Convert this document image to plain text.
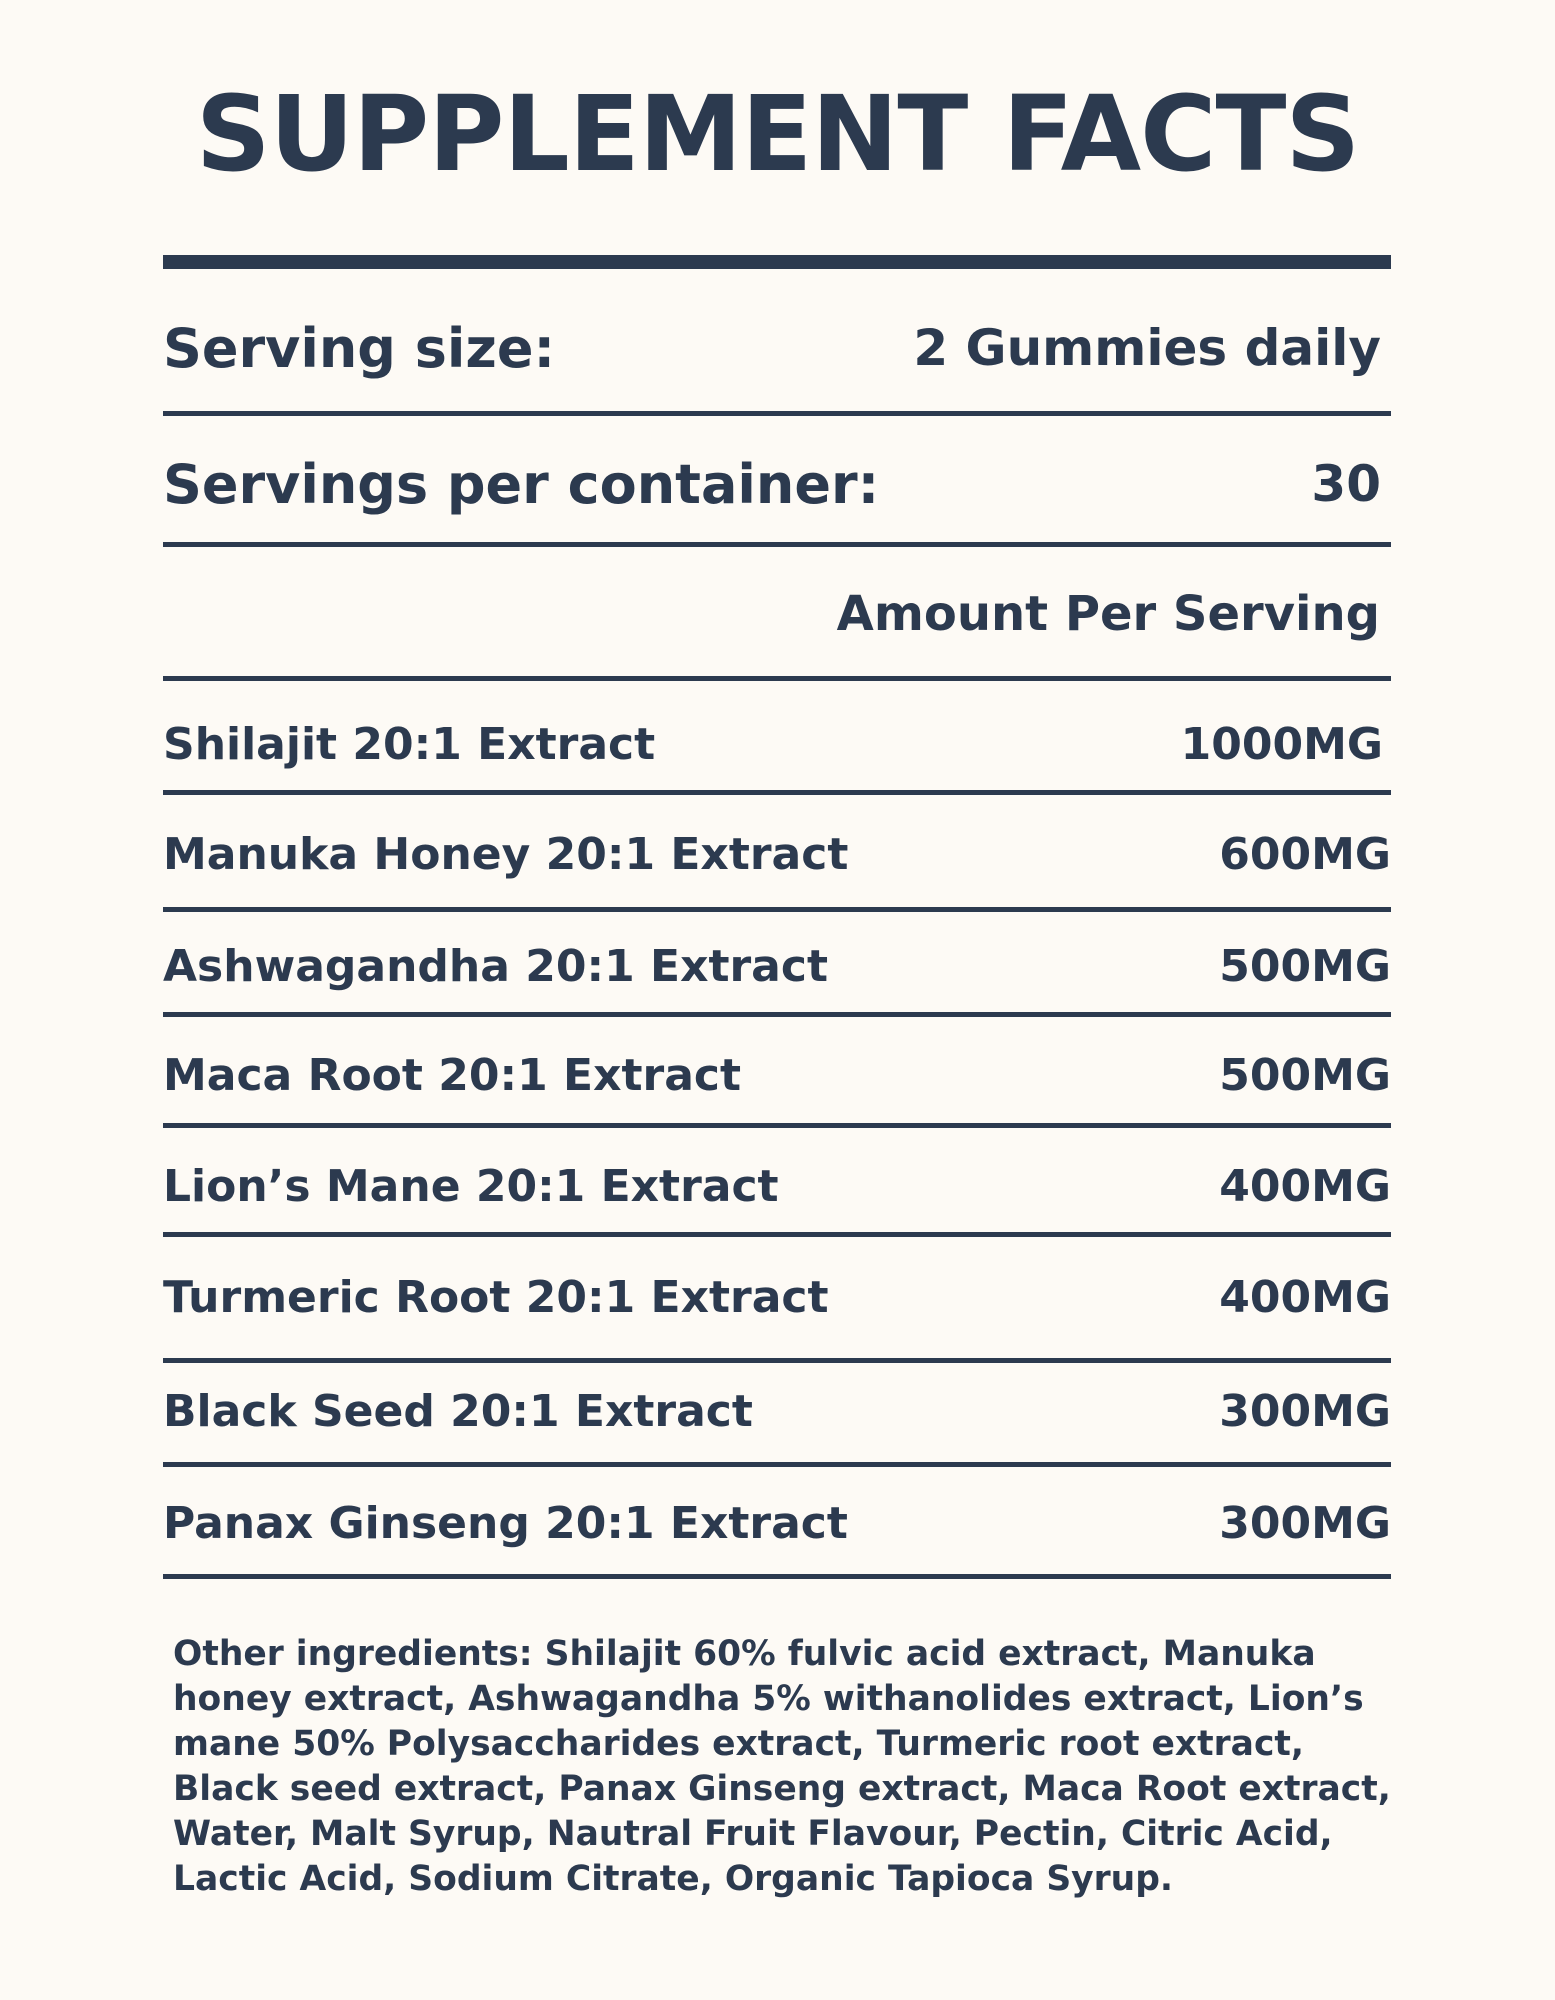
SUPPLEMENT FACTS
Serving size:	2 Gummies daily
Servings per container:	30
Amount Per Serving
Shilajit 20:1 Extract	1000MG
Manuka Honey 20:1 Extract	600MG
Ashwagandha 20:1 Extract	500MG
Maca Root 20:1 Extract	500MG
Lion’s Mane 20:1 Extract	400MG
Turmeric Root 20:1 Extract	400MG
Black Seed 20:1 Extract	300MG
Panax Ginseng 20:1 Extract	300MG
Other ingredients: Shilajit 60% fulvic acid extract, Manuka honey extract, Ashwagandha 5% withanolides extract, Lion’s mane 50% Polysaccharides extract, Turmeric root extract, Black seed extract, Panax Ginseng extract, Maca Root extract, Water, Malt Syrup, Nautral Fruit Flavour, Pectin, Citric Acid, Lactic Acid, Sodium Citrate, Organic Tapioca Syrup.
